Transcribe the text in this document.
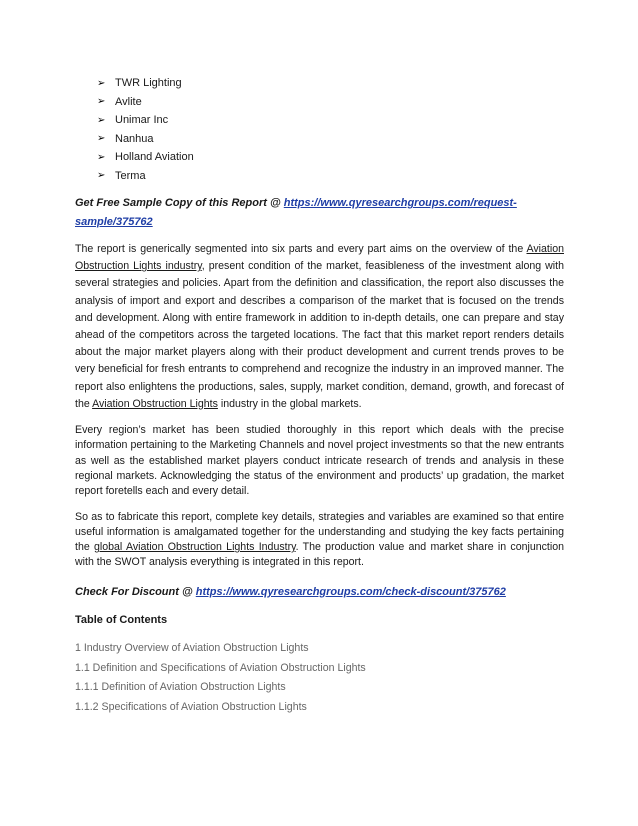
➢ TWR Lighting
➢ Avlite
➢ Unimar Inc
➢ Nanhua
➢ Holland Aviation
➢ Terma
Get Free Sample Copy of this Report @ https://www.qyresearchgroups.com/request-sample/375762

The report is generically segmented into six parts and every part aims on the overview of the Aviation Obstruction Lights industry, present condition of the market, feasibleness of the investment along with several strategies and policies. Apart from the definition and classification, the report also discusses the analysis of import and export and describes a comparison of the market that is focused on the trends and development. Along with entire framework in addition to in-depth details, one can prepare and stay ahead of the competitors across the targeted locations. The fact that this market report renders details about the major market players along with their product development and current trends proves to be very beneficial for fresh entrants to comprehend and recognize the industry in an improved manner. The report also enlightens the productions, sales, supply, market condition, demand, growth, and forecast of the Aviation Obstruction Lights industry in the global markets.

Every region’s market has been studied thoroughly in this report which deals with the precise information pertaining to the Marketing Channels and novel project investments so that the new entrants as well as the established market players conduct intricate research of trends and analysis in these regional markets. Acknowledging the status of the environment and products’ up gradation, the market report foretells each and every detail.

So as to fabricate this report, complete key details, strategies and variables are examined so that entire useful information is amalgamated together for the understanding and studying the key facts pertaining the global Aviation Obstruction Lights Industry. The production value and market share in conjunction with the SWOT analysis everything is integrated in this report.

Check For Discount @ https://www.qyresearchgroups.com/check-discount/375762
Table of Contents
1 Industry Overview of Aviation Obstruction Lights
1.1 Definition and Specifications of Aviation Obstruction Lights
1.1.1 Definition of Aviation Obstruction Lights
1.1.2 Specifications of Aviation Obstruction Lights
